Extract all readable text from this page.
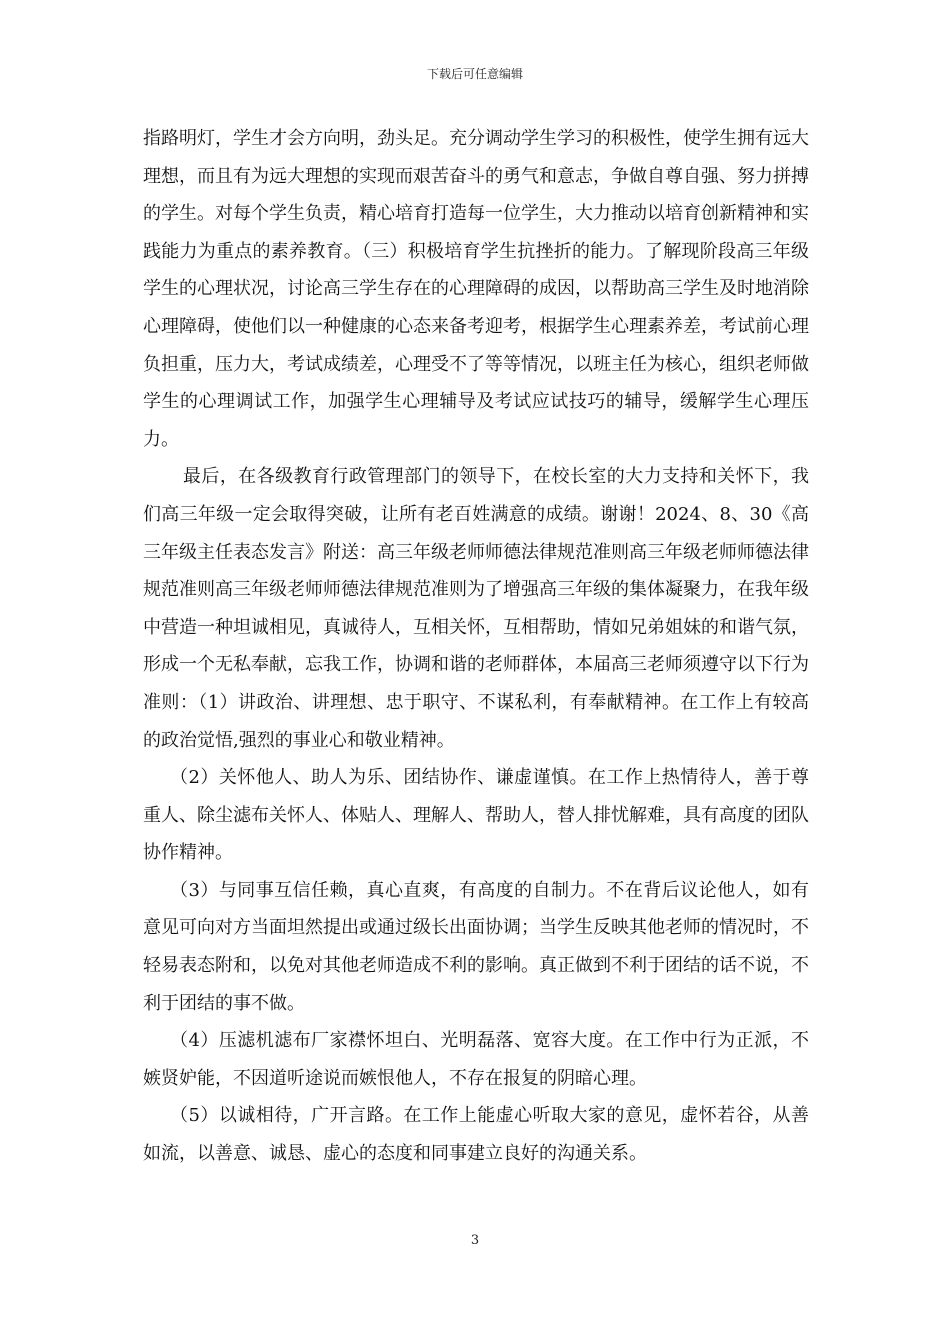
下载后可任意编辑

指路明灯，学生才会方向明，劲头足。充分调动学生学习的积极性，使学生拥有远大理想，而且有为远大理想的实现而艰苦奋斗的勇气和意志，争做自尊自强、努力拼搏的学生。对每个学生负责，精心培育打造每一位学生，大力推动以培育创新精神和实践能力为重点的素养教育。（三）积极培育学生抗挫折的能力。了解现阶段高三年级学生的心理状况，讨论高三学生存在的心理障碍的成因，以帮助高三学生及时地消除心理障碍，使他们以一种健康的心态来备考迎考，根据学生心理素养差，考试前心理负担重，压力大，考试成绩差，心理受不了等等情况，以班主任为核心，组织老师做学生的心理调试工作，加强学生心理辅导及考试应试技巧的辅导，缓解学生心理压力。

最后，在各级教育行政管理部门的领导下，在校长室的大力支持和关怀下，我们高三年级一定会取得突破，让所有老百姓满意的成绩。谢谢！2024、8、30《高三年级主任表态发言》附送：高三年级老师师德法律规范准则高三年级老师师德法律规范准则高三年级老师师德法律规范准则为了增强高三年级的集体凝聚力，在我年级中营造一种坦诚相见，真诚待人，互相关怀，互相帮助，情如兄弟姐妹的和谐气氛，形成一个无私奉献，忘我工作，协调和谐的老师群体，本届高三老师须遵守以下行为准则：（1）讲政治、讲理想、忠于职守、不谋私利，有奉献精神。在工作上有较高的政治觉悟,强烈的事业心和敬业精神。

（2）关怀他人、助人为乐、团结协作、谦虚谨慎。在工作上热情待人，善于尊重人、除尘滤布关怀人、体贴人、理解人、帮助人，替人排忧解难，具有高度的团队协作精神。

（3）与同事互信任赖，真心直爽，有高度的自制力。不在背后议论他人，如有意见可向对方当面坦然提出或通过级长出面协调；当学生反映其他老师的情况时，不轻易表态附和，以免对其他老师造成不利的影响。真正做到不利于团结的话不说，不利于团结的事不做。

（4）压滤机滤布厂家襟怀坦白、光明磊落、宽容大度。在工作中行为正派，不嫉贤妒能，不因道听途说而嫉恨他人，不存在报复的阴暗心理。

（5）以诚相待，广开言路。在工作上能虚心听取大家的意见，虚怀若谷，从善如流，以善意、诚恳、虚心的态度和同事建立良好的沟通关系。

3
